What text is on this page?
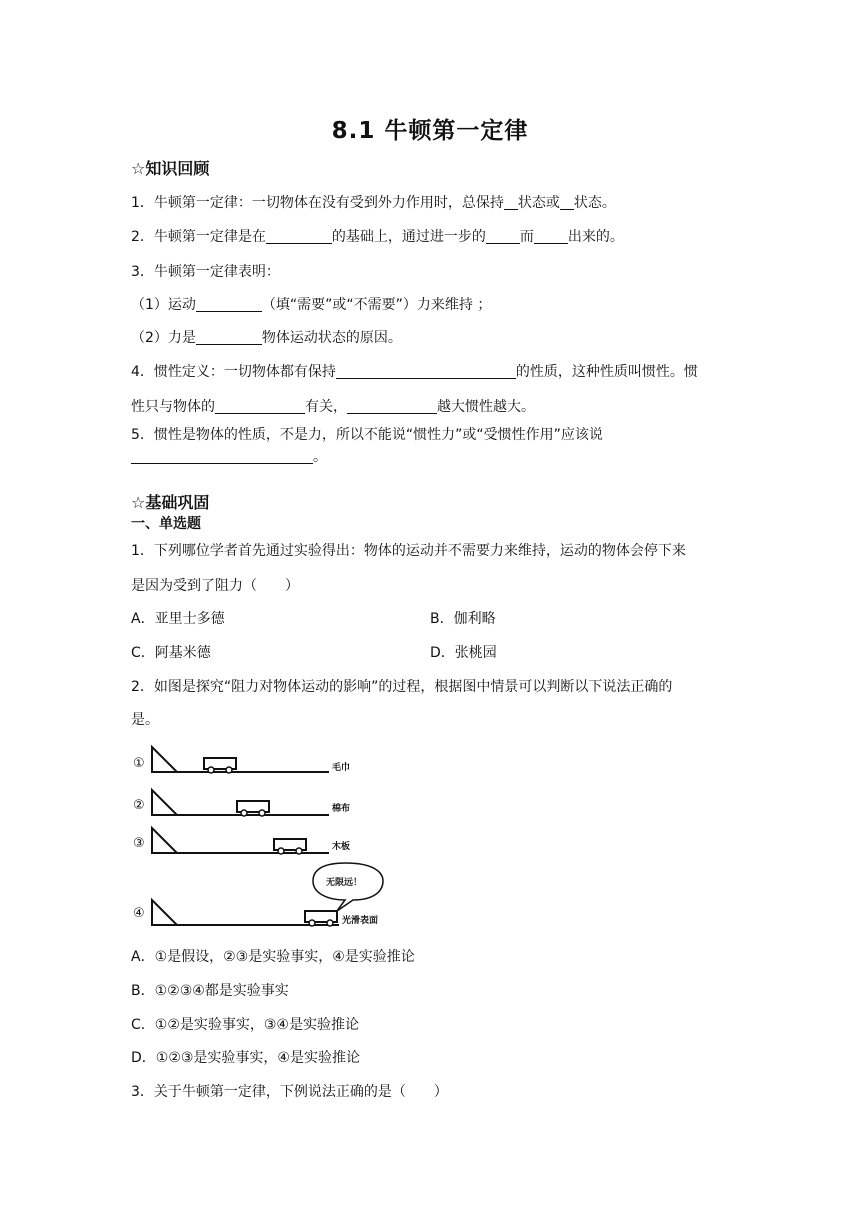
8.1 牛顿第一定律
☆知识回顾
1．牛顿第一定律：一切物体在没有受到外力作用时，总保持 状态或 状态。
2．牛顿第一定律是在	的基础上，通过进一步的 而 出来的。
3．牛顿第一定律表明：
（1）运动	（填“需要”或“不需要”）力来维持 ；
（2）力是	物体运动状态的原因。
4．惯性定义：一切物体都有保持	的性质，这种性质叫惯性。惯
性只与物体的	有关，	越大惯性越大。
5．惯性是物体的性质，不是力，所以不能说“惯性力”或“受惯性作用”应该说
。
☆基础巩固
一、单选题
1．下列哪位学者首先通过实验得出：物体的运动并不需要力来维持，运动的物体会停下来
是因为受到了阻力（　　）
A．亚里士多德	B．伽利略
C．阿基米德	D．张桃园
2．如图是探究“阻力对物体运动的影响”的过程，根据图中情景可以判断以下说法正确的
是。
①	毛巾
②	棉布
③	木板
无限远！
④	光滑表面
A．①是假设，②③是实验事实，④是实验推论
B．①②③④都是实验事实
C．①②是实验事实，③④是实验推论
D．①②③是实验事实，④是实验推论
3．关于牛顿第一定律，下例说法正确的是（　　）
